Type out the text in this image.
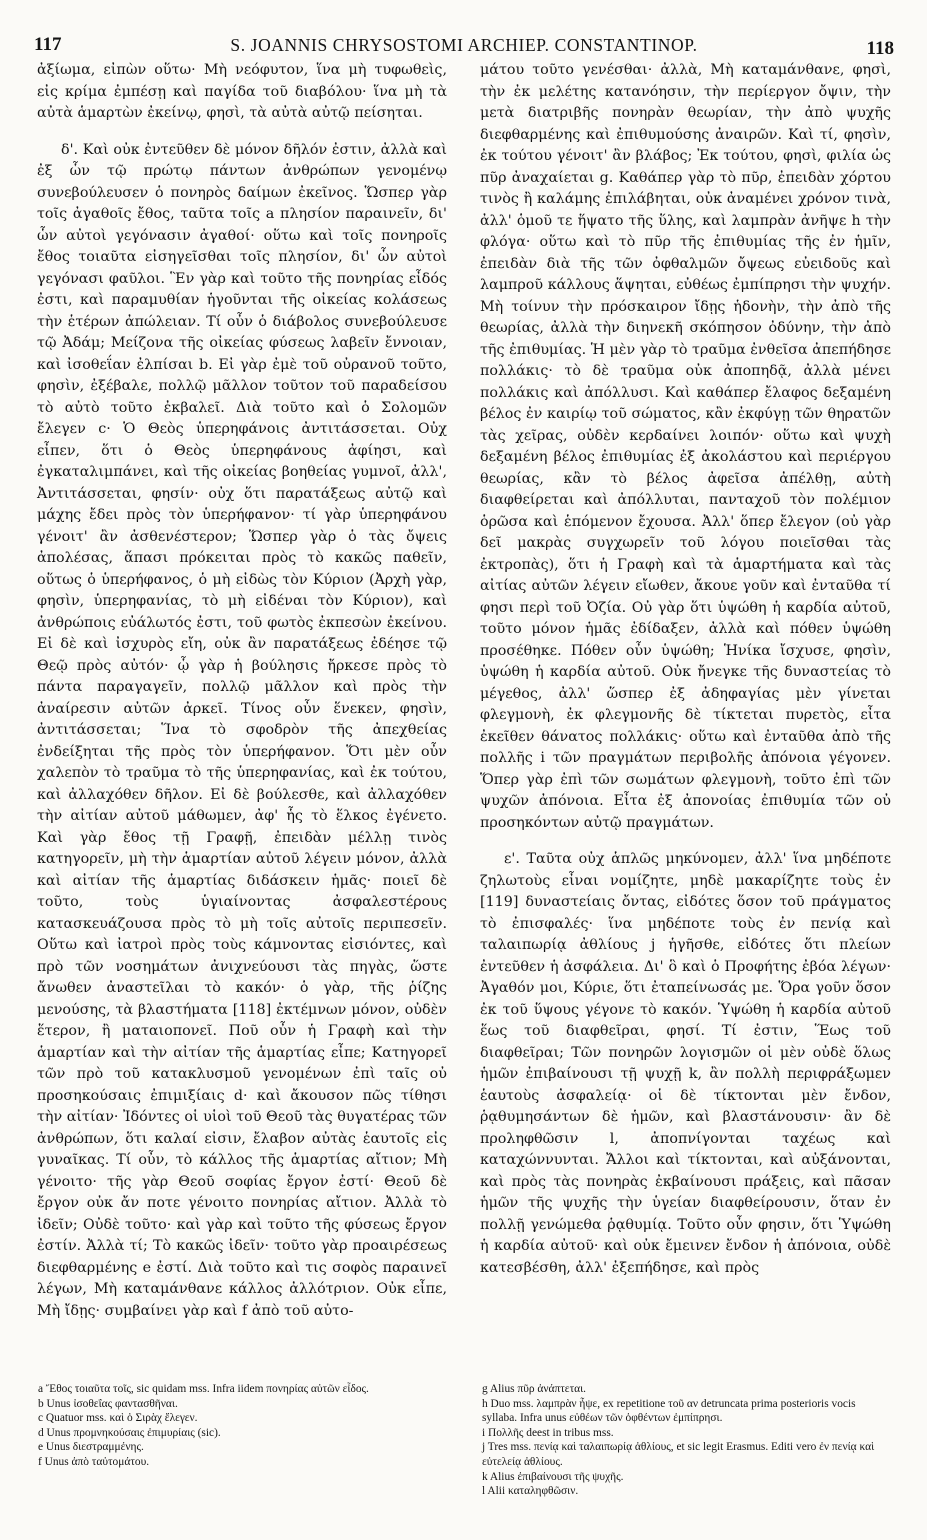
117	S. JOANNIS CHRYSOSTOMI ARCHIEP. CONSTANTINOP.	118

ἀξίωμα, εἰπὼν οὕτω· Μὴ νεόφυτον, ἵνα μὴ τυφωθεὶς, εἰς κρίμα ἐμπέσῃ καὶ παγίδα τοῦ διαβόλου· ἵνα μὴ τὰ αὐτὰ ἁμαρτὼν ἐκείνῳ, φησὶ, τὰ αὐτὰ αὐτῷ πείσηται.

δ'. Καὶ οὐκ ἐντεῦθεν δὲ μόνον δῆλόν ἐστιν, ἀλλὰ καὶ ἐξ ὧν τῷ πρώτῳ πάντων ἀνθρώπων γενομένῳ συνεβούλευσεν ὁ πονηρὸς δαίμων ἐκεῖνος. Ὥσπερ γὰρ τοῖς ἀγαθοῖς ἔθος, ταῦτα τοῖς a πλησίον παραινεῖν, δι' ὧν αὐτοὶ γεγόνασιν ἀγαθοί· οὕτω καὶ τοῖς πονηροῖς ἔθος τοιαῦτα εἰσηγεῖσθαι τοῖς πλησίον, δι' ὧν αὐτοὶ γεγόνασι φαῦλοι. Ἓν γὰρ καὶ τοῦτο τῆς πονηρίας εἶδός ἐστι, καὶ παραμυθίαν ἡγοῦνται τῆς οἰκείας κολάσεως τὴν ἑτέρων ἀπώλειαν. Τί οὖν ὁ διάβολος συνεβούλευσε τῷ Ἀδάμ; Μείζονα τῆς οἰκείας φύσεως λαβεῖν ἔννοιαν, καὶ ἰσοθεΐαν ἐλπίσαι b. Εἰ γὰρ ἐμὲ τοῦ οὐρανοῦ τοῦτο, φησὶν, ἐξέβαλε, πολλῷ μᾶλλον τοῦτον τοῦ παραδείσου τὸ αὐτὸ τοῦτο ἐκβαλεῖ. Διὰ τοῦτο καὶ ὁ Σολομῶν ἔλεγεν c· Ὁ Θεὸς ὑπερηφάνοις ἀντιτάσσεται. Οὐχ εἶπεν, ὅτι ὁ Θεὸς ὑπερηφάνους ἀφίησι, καὶ ἐγκαταλιμπάνει, καὶ τῆς οἰκείας βοηθείας γυμνοῖ, ἀλλ', Ἀντιτάσσεται, φησίν· οὐχ ὅτι παρατάξεως αὐτῷ καὶ μάχης ἔδει πρὸς τὸν ὑπερήφανον· τί γὰρ ὑπερηφάνου γένοιτ' ἂν ἀσθενέστερον; Ὥσπερ γὰρ ὁ τὰς ὄψεις ἀπολέσας, ἅπασι πρόκειται πρὸς τὸ κακῶς παθεῖν, οὕτως ὁ ὑπερήφανος, ὁ μὴ εἰδὼς τὸν Κύριον (Ἀρχὴ γὰρ, φησὶν, ὑπερηφανίας, τὸ μὴ εἰδέναι τὸν Κύριον), καὶ ἀνθρώποις εὐάλωτός ἐστι, τοῦ φωτὸς ἐκπεσὼν ἐκείνου. Εἰ δὲ καὶ ἰσχυρὸς εἴη, οὐκ ἂν παρατάξεως ἐδέησε τῷ Θεῷ πρὸς αὐτόν· ᾧ γὰρ ἡ βούλησις ἤρκεσε πρὸς τὸ πάντα παραγαγεῖν, πολλῷ μᾶλλον καὶ πρὸς τὴν ἀναίρεσιν αὐτῶν ἀρκεῖ. Τίνος οὖν ἕνεκεν, φησὶν, ἀντιτάσσεται; Ἵνα τὸ σφοδρὸν τῆς ἀπεχθείας ἐνδείξηται τῆς πρὸς τὸν ὑπερήφανον. Ὅτι μὲν οὖν χαλεπὸν τὸ τραῦμα τὸ τῆς ὑπερηφανίας, καὶ ἐκ τούτου, καὶ ἀλλαχόθεν δῆλον. Εἰ δὲ βούλεσθε, καὶ ἀλλαχόθεν τὴν αἰτίαν αὐτοῦ μάθωμεν, ἀφ' ἧς τὸ ἕλκος ἐγένετο. Καὶ γὰρ ἔθος τῇ Γραφῇ, ἐπειδὰν μέλλῃ τινὸς κατηγορεῖν, μὴ τὴν ἁμαρτίαν αὐτοῦ λέγειν μόνον, ἀλλὰ καὶ αἰτίαν τῆς ἁμαρτίας διδάσκειν ἡμᾶς· ποιεῖ δὲ τοῦτο, τοὺς ὑγιαίνοντας ἀσφαλεστέρους κατασκευάζουσα πρὸς τὸ μὴ τοῖς αὐτοῖς περιπεσεῖν. Οὕτω καὶ ἰατροὶ πρὸς τοὺς κάμνοντας εἰσιόντες, καὶ πρὸ τῶν νοσημάτων ἀνιχνεύουσι τὰς πηγὰς, ὥστε ἄνωθεν ἀναστεῖλαι τὸ κακόν· ὁ γὰρ, τῆς ῥίζης μενούσης, τὰ βλαστήματα [118] ἐκτέμνων μόνον, οὐδὲν ἕτερον, ἢ ματαιοπονεῖ. Ποῦ οὖν ἡ Γραφὴ καὶ τὴν ἁμαρτίαν καὶ τὴν αἰτίαν τῆς ἁμαρτίας εἶπε; Κατηγορεῖ τῶν πρὸ τοῦ κατακλυσμοῦ γενομένων ἐπὶ ταῖς οὐ προσηκούσαις ἐπιμιξίαις d· καὶ ἄκουσον πῶς τίθησι τὴν αἰτίαν· Ἰδόντες οἱ υἱοὶ τοῦ Θεοῦ τὰς θυγατέρας τῶν ἀνθρώπων, ὅτι καλαί εἰσιν, ἔλαβον αὐτὰς ἑαυτοῖς εἰς γυναῖκας. Τί οὖν, τὸ κάλλος τῆς ἁμαρτίας αἴτιον; Μὴ γένοιτο· τῆς γὰρ Θεοῦ σοφίας ἔργον ἐστί· Θεοῦ δὲ ἔργον οὐκ ἄν ποτε γένοιτο πονηρίας αἴτιον. Ἀλλὰ τὸ ἰδεῖν; Οὐδὲ τοῦτο· καὶ γὰρ καὶ τοῦτο τῆς φύσεως ἔργον ἐστίν. Ἀλλὰ τί; Τὸ κακῶς ἰδεῖν· τοῦτο γὰρ προαιρέσεως διεφθαρμένης e ἐστί. Διὰ τοῦτο καὶ τις σοφὸς παραινεῖ λέγων, Μὴ καταμάνθανε κάλλος ἀλλότριον. Οὐκ εἶπε, Μὴ ἴδῃς· συμβαίνει γὰρ καὶ f ἀπὸ τοῦ αὐτο-

μάτου τοῦτο γενέσθαι· ἀλλὰ, Μὴ καταμάνθανε, φησὶ, τὴν ἐκ μελέτης κατανόησιν, τὴν περίεργον ὄψιν, τὴν μετὰ διατριβῆς πονηρὰν θεωρίαν, τὴν ἀπὸ ψυχῆς διεφθαρμένης καὶ ἐπιθυμούσης ἀναιρῶν. Καὶ τί, φησὶν, ἐκ τούτου γένοιτ' ἂν βλάβος; Ἐκ τούτου, φησὶ, φιλία ὡς πῦρ ἀναχαίεται g. Καθάπερ γὰρ τὸ πῦρ, ἐπειδὰν χόρτου τινὸς ἢ καλάμης ἐπιλάβηται, οὐκ ἀναμένει χρόνον τινὰ, ἀλλ' ὁμοῦ τε ἥψατο τῆς ὕλης, καὶ λαμπρὰν ἀνῆψε h τὴν φλόγα· οὕτω καὶ τὸ πῦρ τῆς ἐπιθυμίας τῆς ἐν ἡμῖν, ἐπειδὰν διὰ τῆς τῶν ὀφθαλμῶν ὄψεως εὐειδοῦς καὶ λαμπροῦ κάλλους ἅψηται, εὐθέως ἐμπίπρησι τὴν ψυχήν. Μὴ τοίνυν τὴν πρόσκαιρον ἴδῃς ἡδονὴν, τὴν ἀπὸ τῆς θεωρίας, ἀλλὰ τὴν διηνεκῆ σκόπησον ὀδύνην, τὴν ἀπὸ τῆς ἐπιθυμίας. Ἡ μὲν γὰρ τὸ τραῦμα ἐνθεῖσα ἀπεπήδησε πολλάκις· τὸ δὲ τραῦμα οὐκ ἀποπηδᾷ, ἀλλὰ μένει πολλάκις καὶ ἀπόλλυσι. Καὶ καθάπερ ἔλαφος δεξαμένη βέλος ἐν καιρίῳ τοῦ σώματος, κἂν ἐκφύγῃ τῶν θηρατῶν τὰς χεῖρας, οὐδὲν κερδαίνει λοιπόν· οὕτω καὶ ψυχὴ δεξαμένη βέλος ἐπιθυμίας ἐξ ἀκολάστου καὶ περιέργου θεωρίας, κἂν τὸ βέλος ἀφεῖσα ἀπέλθῃ, αὐτὴ διαφθείρεται καὶ ἀπόλλυται, πανταχοῦ τὸν πολέμιον ὁρῶσα καὶ ἑπόμενον ἔχουσα. Ἀλλ' ὅπερ ἔλεγον (οὐ γὰρ δεῖ μακρὰς συγχωρεῖν τοῦ λόγου ποιεῖσθαι τὰς ἐκτροπὰς), ὅτι ἡ Γραφὴ καὶ τὰ ἁμαρτήματα καὶ τὰς αἰτίας αὐτῶν λέγειν εἴωθεν, ἄκουε γοῦν καὶ ἐνταῦθα τί φησι περὶ τοῦ Ὀζία. Οὐ γὰρ ὅτι ὑψώθη ἡ καρδία αὐτοῦ, τοῦτο μόνον ἡμᾶς ἐδίδαξεν, ἀλλὰ καὶ πόθεν ὑψώθη προσέθηκε. Πόθεν οὖν ὑψώθη; Ἡνίκα ἴσχυσε, φησὶν, ὑψώθη ἡ καρδία αὐτοῦ. Οὐκ ἤνεγκε τῆς δυναστείας τὸ μέγεθος, ἀλλ' ὥσπερ ἐξ ἀδηφαγίας μὲν γίνεται φλεγμονὴ, ἐκ φλεγμονῆς δὲ τίκτεται πυρετὸς, εἶτα ἐκεῖθεν θάνατος πολλάκις· οὕτω καὶ ἐνταῦθα ἀπὸ τῆς πολλῆς i τῶν πραγμάτων περιβολῆς ἀπόνοια γέγονεν. Ὅπερ γὰρ ἐπὶ τῶν σωμάτων φλεγμονὴ, τοῦτο ἐπὶ τῶν ψυχῶν ἀπόνοια. Εἶτα ἐξ ἀπονοίας ἐπιθυμία τῶν οὐ προσηκόντων αὐτῷ πραγμάτων.

ε'. Ταῦτα οὐχ ἁπλῶς μηκύνομεν, ἀλλ' ἵνα μηδέποτε ζηλωτοὺς εἶναι νομίζητε, μηδὲ μακαρίζητε τοὺς ἐν [119] δυναστείαις ὄντας, εἰδότες ὅσον τοῦ πράγματος τὸ ἐπισφαλές· ἵνα μηδέποτε τοὺς ἐν πενίᾳ καὶ ταλαιπωρίᾳ ἀθλίους j ἡγῆσθε, εἰδότες ὅτι πλείων ἐντεῦθεν ἡ ἀσφάλεια. Δι' ὃ καὶ ὁ Προφήτης ἐβόα λέγων· Ἀγαθόν μοι, Κύριε, ὅτι ἐταπείνωσάς με. Ὅρα γοῦν ὅσον ἐκ τοῦ ὕψους γέγονε τὸ κακόν. Ὑψώθη ἡ καρδία αὐτοῦ ἕως τοῦ διαφθεῖραι, φησί. Τί ἐστιν, Ἕως τοῦ διαφθεῖραι; Τῶν πονηρῶν λογισμῶν οἱ μὲν οὐδὲ ὅλως ἡμῶν ἐπιβαίνουσι τῇ ψυχῇ k, ἂν πολλὴ περιφράξωμεν ἑαυτοὺς ἀσφαλείᾳ· οἱ δὲ τίκτονται μὲν ἔνδον, ῥᾳθυμησάντων δὲ ἡμῶν, καὶ βλαστάνουσιν· ἂν δὲ προληφθῶσιν l, ἀποπνίγονται ταχέως καὶ καταχώννυνται. Ἄλλοι καὶ τίκτονται, καὶ αὐξάνονται, καὶ πρὸς τὰς πονηρὰς ἐκβαίνουσι πράξεις, καὶ πᾶσαν ἡμῶν τῆς ψυχῆς τὴν ὑγείαν διαφθείρουσιν, ὅταν ἐν πολλῇ γενώμεθα ῥᾳθυμίᾳ. Τοῦτο οὖν φησιν, ὅτι Ὑψώθη ἡ καρδία αὐτοῦ· καὶ οὐκ ἔμεινεν ἔνδον ἡ ἀπόνοια, οὐδὲ κατεσβέσθη, ἀλλ' ἐξεπήδησε, καὶ πρὸς

a Ἔθος τοιαῦτα τοῖς, sic quidam mss. Infra iidem πονηρίας αὐτῶν εἶδος.
b Unus ἰσοθεΐας φαντασθῆναι.
c Quatuor mss. καὶ ὁ Σιρὰχ ἔλεγεν.
d Unus προμνηκούσαις ἐπιμυρίαις (sic).
e Unus διεστραμμένης.
f Unus ἀπὸ ταὐτομάτου.
g Alius πῦρ ἀνάπτεται.
h Duo mss. λαμπρὰν ἦψε, ex repetitione τοῦ αν detruncata prima posterioris vocis syllaba. Infra unus εὐθέων τῶν ὀφθέντων ἐμπίπρησι.
i Πολλῆς deest in tribus mss.
j Tres mss. πενίᾳ καὶ ταλαιπωρίᾳ ἀθλίους, et sic legit Erasmus. Editi vero ἐν πενίᾳ καὶ εὐτελείᾳ ἀθλίους.
k Alius ἐπιβαίνουσι τῆς ψυχῆς.
l Alii καταληφθῶσιν.
